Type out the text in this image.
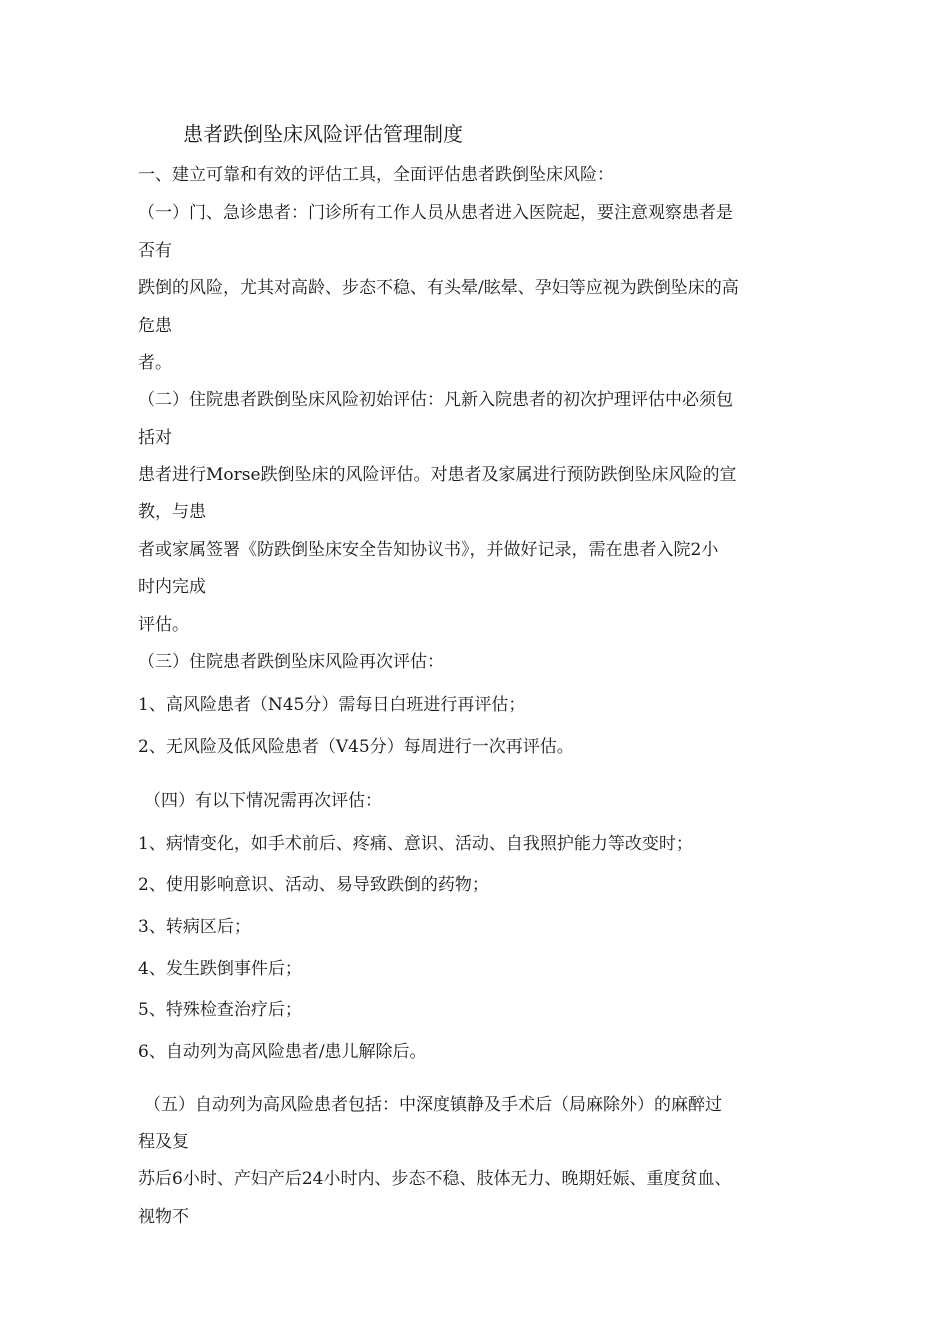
患者跌倒坠床风险评估管理制度
一、建立可靠和有效的评估工具，全面评估患者跌倒坠床风险：
（一）门、急诊患者：门诊所有工作人员从患者进入医院起，要注意观察患者是
否有
跌倒的风险，尤其对高龄、步态不稳、有头晕/眩晕、孕妇等应视为跌倒坠床的高
危患
者。
（二）住院患者跌倒坠床风险初始评估：凡新入院患者的初次护理评估中必须包
括对
患者进行Morse跌倒坠床的风险评估。对患者及家属进行预防跌倒坠床风险的宣
教，与患
者或家属签署《防跌倒坠床安全告知协议书》，并做好记录，需在患者入院2小
时内完成
评估。
（三）住院患者跌倒坠床风险再次评估：
1、高风险患者（N45分）需每日白班进行再评估；
2、无风险及低风险患者（V45分）每周进行一次再评估。
（四）有以下情况需再次评估：
1、病情变化，如手术前后、疼痛、意识、活动、自我照护能力等改变时；
2、使用影响意识、活动、易导致跌倒的药物；
3、转病区后；
4、发生跌倒事件后；
5、特殊检查治疗后；
6、自动列为高风险患者/患儿解除后。
（五）自动列为高风险患者包括：中深度镇静及手术后（局麻除外）的麻醉过
程及复
苏后6小时、产妇产后24小时内、步态不稳、肢体无力、晚期妊娠、重度贫血、
视物不
